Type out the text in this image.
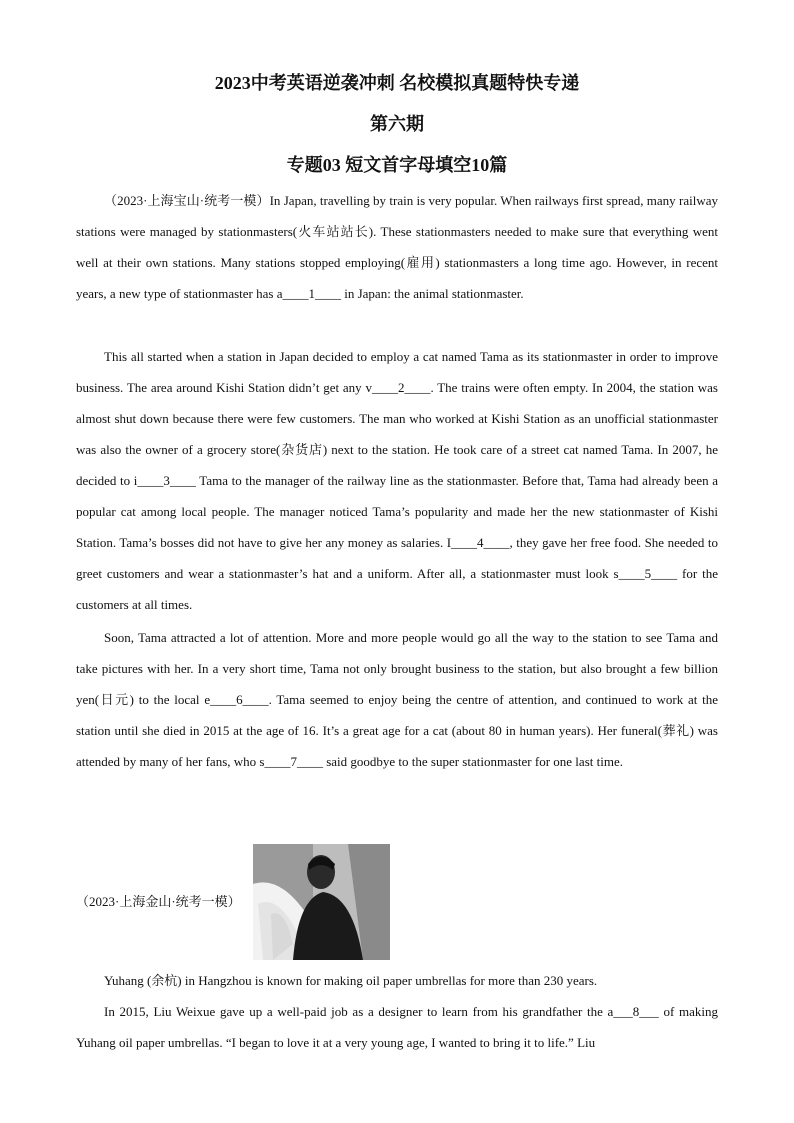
2023中考英语逆袭冲刺 名校模拟真题特快专递
第六期
专题03 短文首字母填空10篇

（2023·上海宝山·统考一模）In Japan, travelling by train is very popular. When railways first spread, many railway stations were managed by stationmasters(火车站站长). These stationmasters needed to make sure that everything went well at their own stations. Many stations stopped employing(雇用) stationmasters a long time ago. However, in recent years, a new type of stationmaster has a____1____ in Japan: the animal stationmaster.

This all started when a station in Japan decided to employ a cat named Tama as its stationmaster in order to improve business. The area around Kishi Station didn’t get any v____2____. The trains were often empty. In 2004, the station was almost shut down because there were few customers. The man who worked at Kishi Station as an unofficial stationmaster was also the owner of a grocery store(杂货店) next to the station. He took care of a street cat named Tama. In 2007, he decided to i____3____ Tama to the manager of the railway line as the stationmaster. Before that, Tama had already been a popular cat among local people. The manager noticed Tama’s popularity and made her the new stationmaster of Kishi Station. Tama’s bosses did not have to give her any money as salaries. I____4____, they gave her free food. She needed to greet customers and wear a stationmaster’s hat and a uniform. After all, a stationmaster must look s____5____ for the customers at all times.

Soon, Tama attracted a lot of attention. More and more people would go all the way to the station to see Tama and take pictures with her. In a very short time, Tama not only brought business to the station, but also brought a few billion yen(日元) to the local e____6____. Tama seemed to enjoy being the centre of attention, and continued to work at the station until she died in 2015 at the age of 16. It’s a great age for a cat (about 80 in human years). Her funeral(葬礼) was attended by many of her fans, who s____7____ said goodbye to the super stationmaster for one last time.

（2023·上海金山·统考一模）

Yuhang (余杭) in Hangzhou is known for making oil paper umbrellas for more than 230 years.

In 2015, Liu Weixue gave up a well-paid job as a designer to learn from his grandfather the a___8___ of making Yuhang oil paper umbrellas. “I began to love it at a very young age, I wanted to bring it to life.” Liu
